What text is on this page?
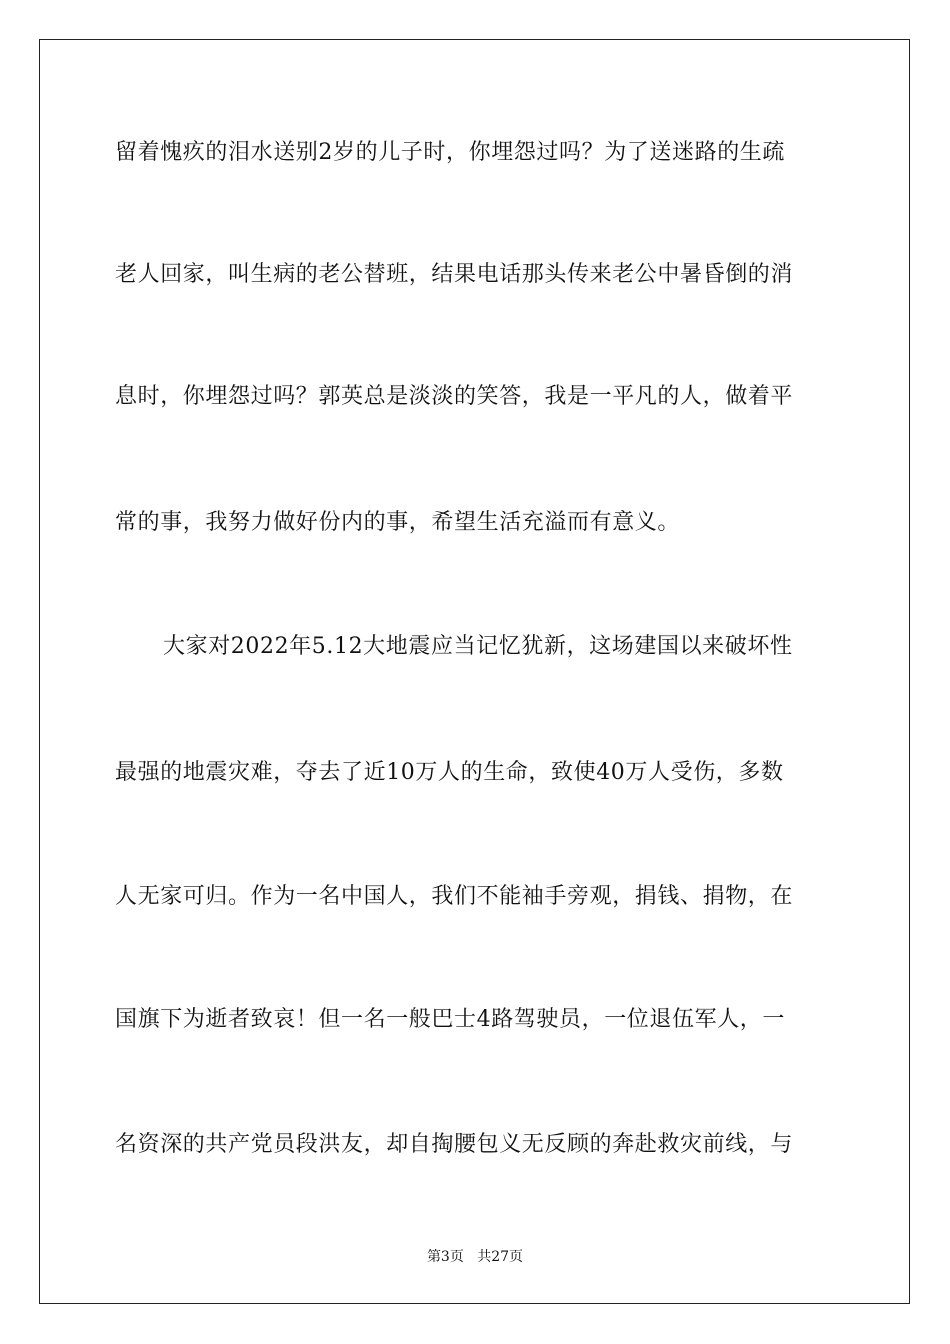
留着愧疚的泪水送别2岁的儿子时，你埋怨过吗？为了送迷路的生疏
老人回家，叫生病的老公替班，结果电话那头传来老公中暑昏倒的消
息时，你埋怨过吗？郭英总是淡淡的笑答，我是一平凡的人，做着平
常的事，我努力做好份内的事，希望生活充溢而有意义。
大家对2022年5.12大地震应当记忆犹新，这场建国以来破坏性
最强的地震灾难，夺去了近10万人的生命，致使40万人受伤，多数
人无家可归。作为一名中国人，我们不能袖手旁观，捐钱、捐物，在
国旗下为逝者致哀！但一名一般巴士4路驾驶员，一位退伍军人，一
名资深的共产党员段洪友，却自掏腰包义无反顾的奔赴救灾前线，与
第3页 共27页
